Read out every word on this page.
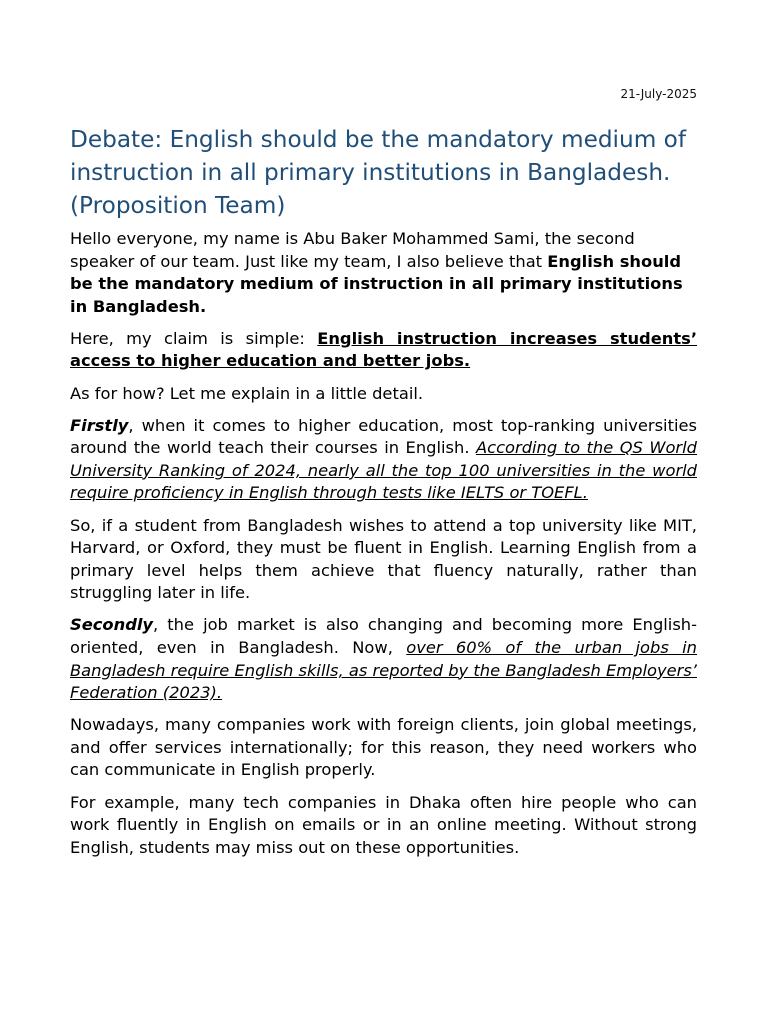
21-July-2025
Debate: English should be the mandatory medium of instruction in all primary institutions in Bangladesh. (Proposition Team)

Hello everyone, my name is Abu Baker Mohammed Sami, the second speaker of our team. Just like my team, I also believe that English should be the mandatory medium of instruction in all primary institutions in Bangladesh.

Here, my claim is simple: English instruction increases students’ access to higher education and better jobs.

As for how? Let me explain in a little detail.

Firstly, when it comes to higher education, most top-ranking universities around the world teach their courses in English. According to the QS World University Ranking of 2024, nearly all the top 100 universities in the world require proficiency in English through tests like IELTS or TOEFL.

So, if a student from Bangladesh wishes to attend a top university like MIT, Harvard, or Oxford, they must be fluent in English. Learning English from a primary level helps them achieve that fluency naturally, rather than struggling later in life.

Secondly, the job market is also changing and becoming more English-oriented, even in Bangladesh. Now, over 60% of the urban jobs in Bangladesh require English skills, as reported by the Bangladesh Employers’ Federation (2023).

Nowadays, many companies work with foreign clients, join global meetings, and offer services internationally; for this reason, they need workers who can communicate in English properly.

For example, many tech companies in Dhaka often hire people who can work fluently in English on emails or in an online meeting. Without strong English, students may miss out on these opportunities.
